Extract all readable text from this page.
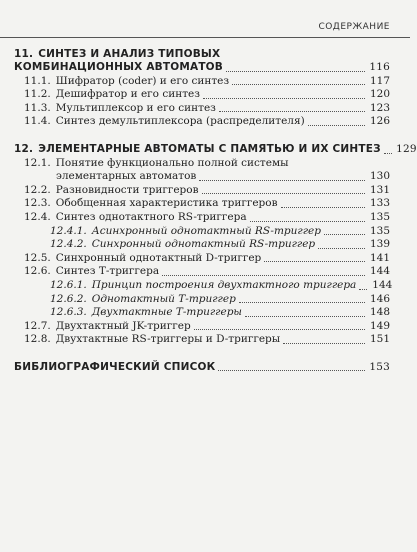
СОДЕРЖАНИЕ
11. СИНТЕЗ И АНАЛИЗ ТИПОВЫХ
КОМБИНАЦИОННЫХ АВТОМАТОВ	116
11.1. Шифратор (coder) и его синтез	117
11.2. Дешифратор и его синтез	120
11.3. Мультиплексор и его синтез	123
11.4. Синтез демультиплексора (распределителя)	126
12. ЭЛЕМЕНТАРНЫЕ АВТОМАТЫ С ПАМЯТЬЮ И ИХ СИНТЕЗ 129
12.1. Понятие функционально полной системы
элементарных автоматов	130
12.2. Разновидности триггеров	131
12.3. Обобщенная характеристика триггеров	133
12.4. Синтез однотактного RS-триггера	135
12.4.1. Асинхронный однотактный RS-триггер	135
12.4.2. Синхронный однотактный RS-триггер	139
12.5. Синхронный однотактный D-триггер	141
12.6. Синтез Т-триггера	144
12.6.1. Принцип построения двухтактного триггера 144
12.6.2. Однотактный Т-триггер	146
12.6.3. Двухтактные Т-триггеры	148
12.7. Двухтактный JK-триггер	149
12.8. Двухтактные RS-триггеры и D-триггеры	151
БИБЛИОГРАФИЧЕСКИЙ СПИСОК	153
